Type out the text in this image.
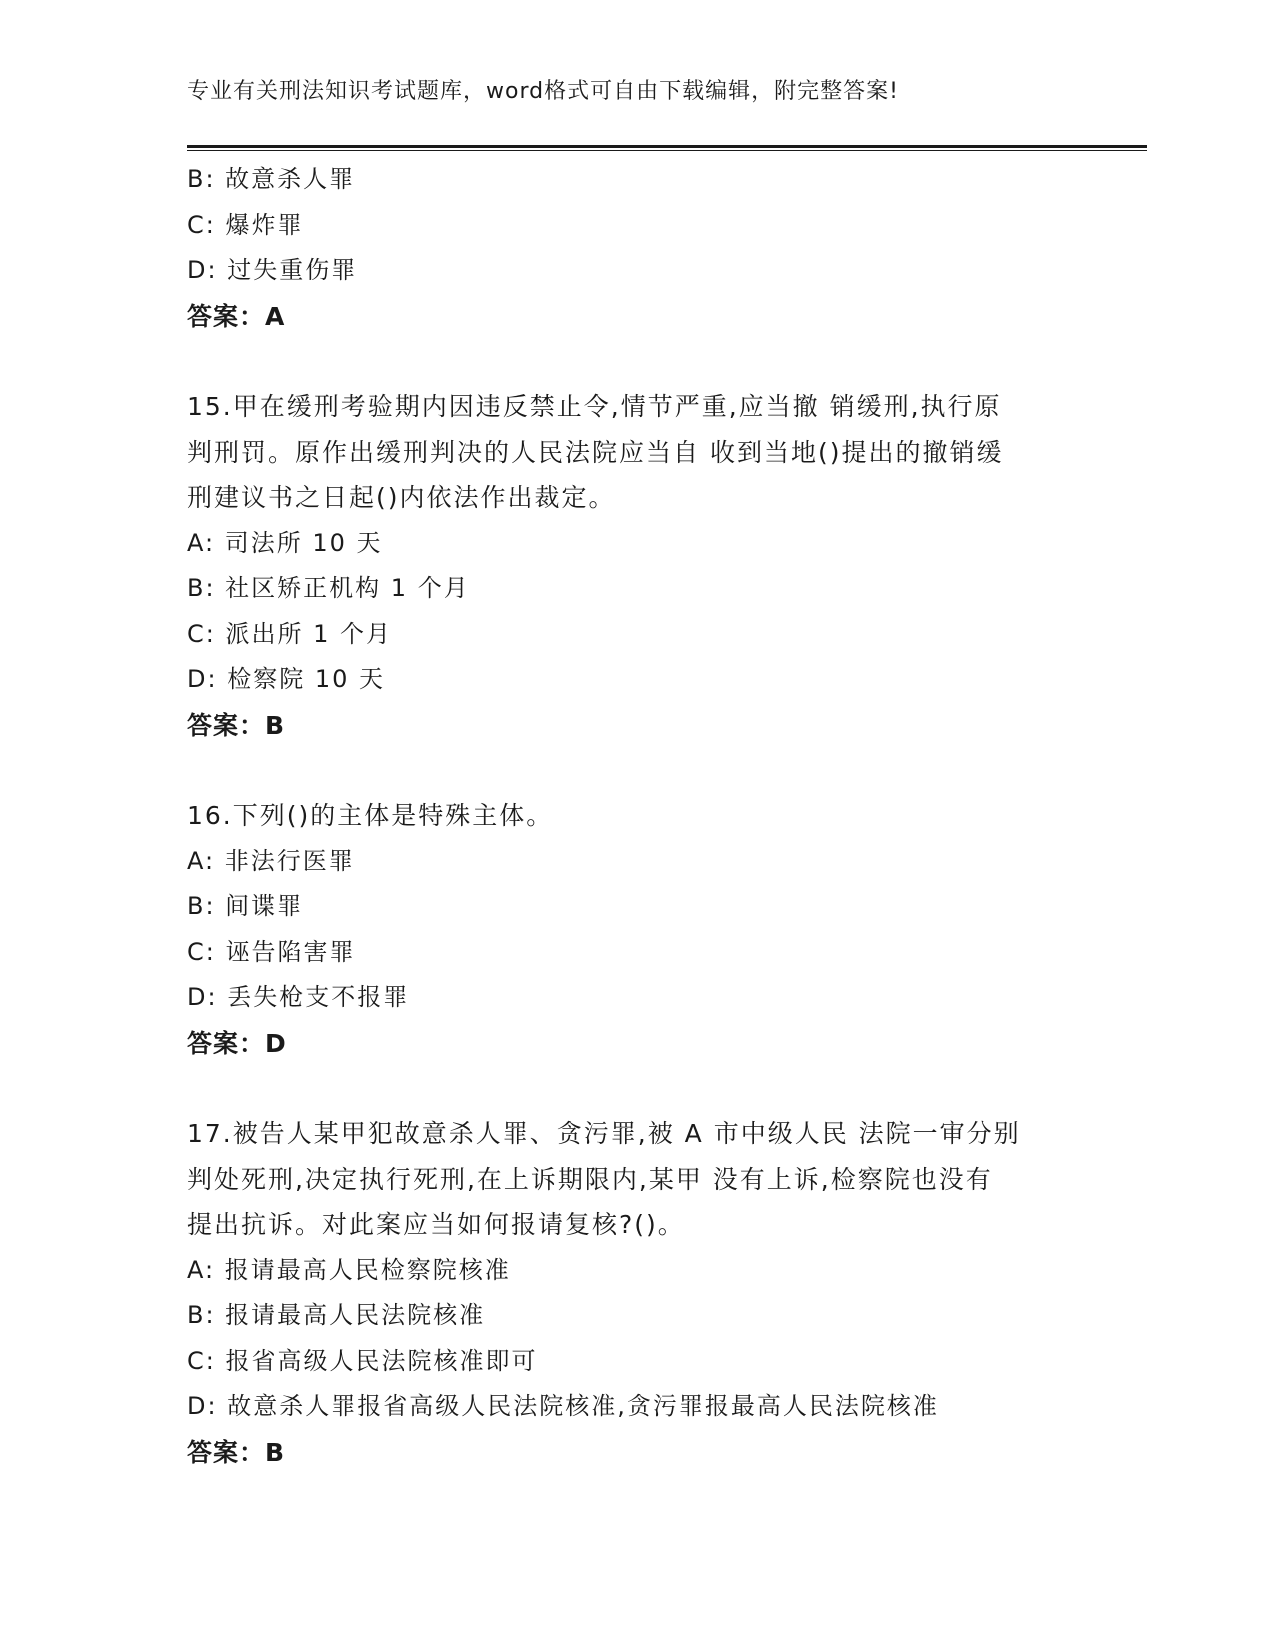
专业有关刑法知识考试题库，word格式可自由下载编辑，附完整答案!
B: 故意杀人罪
C: 爆炸罪
D: 过失重伤罪
答案：A
15.甲在缓刑考验期内因违反禁止令,情节严重,应当撤 销缓刑,执行原
判刑罚。原作出缓刑判决的人民法院应当自 收到当地()提出的撤销缓
刑建议书之日起()内依法作出裁定。
A: 司法所 10 天
B: 社区矫正机构 1 个月
C: 派出所 1 个月
D: 检察院 10 天
答案：B
16.下列()的主体是特殊主体。
A: 非法行医罪
B: 间谍罪
C: 诬告陷害罪
D: 丢失枪支不报罪
答案：D
17.被告人某甲犯故意杀人罪、贪污罪,被 A 市中级人民 法院一审分别
判处死刑,决定执行死刑,在上诉期限内,某甲 没有上诉,检察院也没有
提出抗诉。对此案应当如何报请复核?()。
A: 报请最高人民检察院核准
B: 报请最高人民法院核准
C: 报省高级人民法院核准即可
D: 故意杀人罪报省高级人民法院核准,贪污罪报最高人民法院核准
答案：B
